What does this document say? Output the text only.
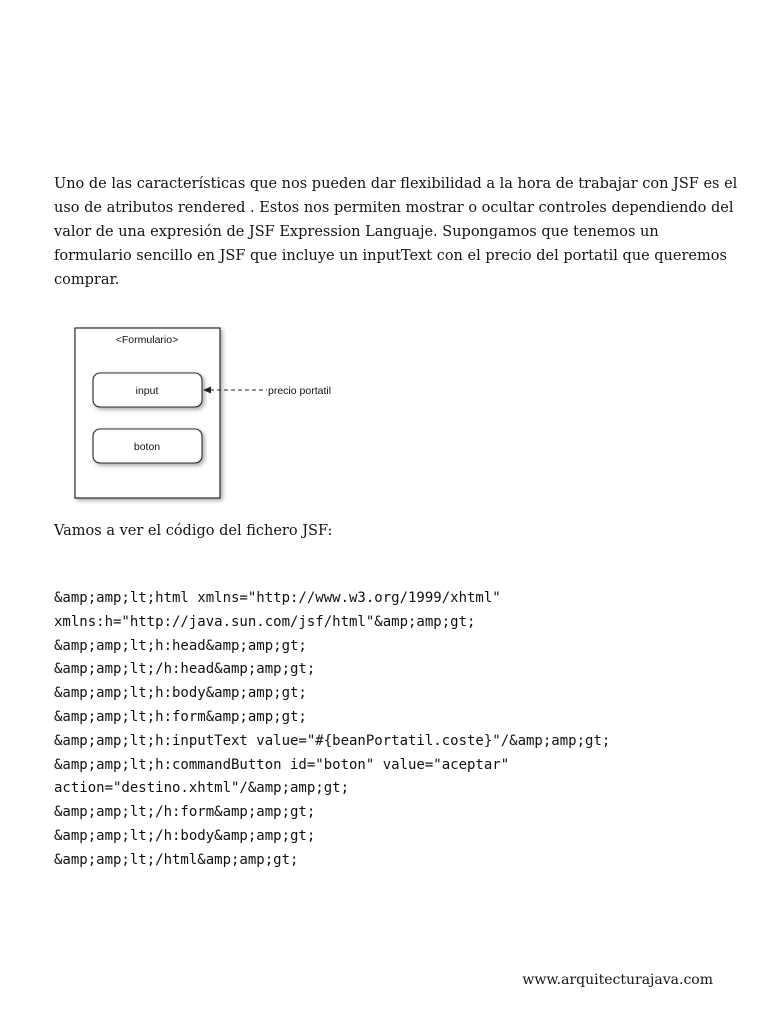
Uno de las características que nos pueden dar flexibilidad a la hora de trabajar con JSF es el
uso de atributos rendered . Estos nos permiten mostrar o ocultar controles dependiendo del
valor de una expresión de JSF Expression Languaje. Supongamos que tenemos un
formulario sencillo en JSF que incluye un inputText con el precio del portatil que queremos
comprar.

<Formulario>
input
boton
precio portatil

Vamos a ver el código del fichero JSF:

&amp;amp;lt;html xmlns="http://www.w3.org/1999/xhtml"
xmlns:h="http://java.sun.com/jsf/html"&amp;amp;gt;
&amp;amp;lt;h:head&amp;amp;gt;
&amp;amp;lt;/h:head&amp;amp;gt;
&amp;amp;lt;h:body&amp;amp;gt;
&amp;amp;lt;h:form&amp;amp;gt;
&amp;amp;lt;h:inputText value="#{beanPortatil.coste}"/&amp;amp;gt;
&amp;amp;lt;h:commandButton id="boton" value="aceptar"
action="destino.xhtml"/&amp;amp;gt;
&amp;amp;lt;/h:form&amp;amp;gt;
&amp;amp;lt;/h:body&amp;amp;gt;
&amp;amp;lt;/html&amp;amp;gt;
www.arquitecturajava.com
